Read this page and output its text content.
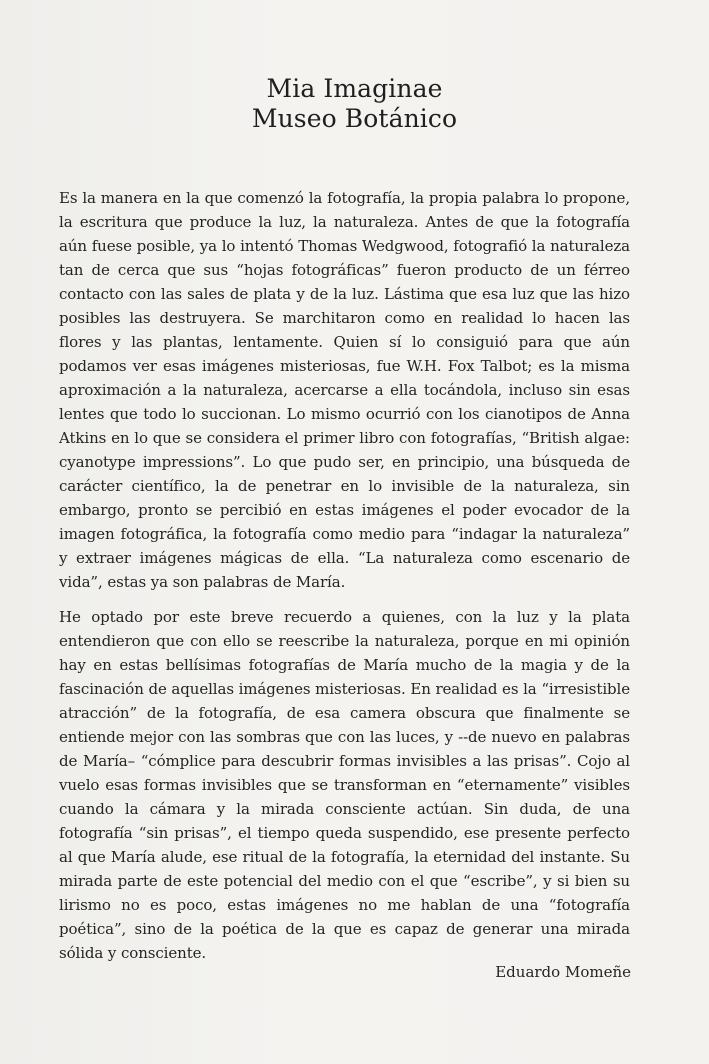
Mia Imaginae
Museo Botánico

Es la manera en la que comenzó la fotografía, la propia palabra lo propone, la escritura que produce la luz, la naturaleza. Antes de que la fotografía aún fuese posible, ya lo intentó Thomas Wedgwood, fotografió la naturaleza tan de cerca que sus “hojas fotográficas” fueron producto de un férreo contacto con las sales de plata y de la luz. Lástima que esa luz que las hizo posibles las destruyera. Se marchitaron como en realidad lo hacen las flores y las plantas, lentamente. Quien sí lo consiguió para que aún podamos ver esas imágenes misteriosas, fue W.H. Fox Talbot; es la misma aproximación a la naturaleza, acercarse a ella tocándola, incluso sin esas lentes que todo lo succionan. Lo mismo ocurrió con los cianotipos de Anna Atkins en lo que se considera el primer libro con fotografías, “British algae: cyanotype impressions”. Lo que pudo ser, en principio, una búsqueda de carácter científico, la de penetrar en lo invisible de la naturaleza, sin embargo, pronto se percibió en estas imágenes el poder evocador de la imagen fotográfica, la fotografía como medio para “indagar la naturaleza” y extraer imágenes mágicas de ella. “La naturaleza como escenario de vida”, estas ya son palabras de María.

He optado por este breve recuerdo a quienes, con la luz y la plata entendieron que con ello se reescribe la naturaleza, porque en mi opinión hay en estas bellísimas fotografías de María mucho de la magia y de la fascinación de aquellas imágenes misteriosas. En realidad es la “irresistible atracción” de la fotografía, de esa camera obscura que finalmente se entiende mejor con las sombras que con las luces, y --de nuevo en palabras de María– “cómplice para descubrir formas invisibles a las prisas”. Cojo al vuelo esas formas invisibles que se transforman en “eternamente” visibles cuando la cámara y la mirada consciente actúan. Sin duda, de una fotografía “sin prisas”, el tiempo queda suspendido, ese presente perfecto al que María alude, ese ritual de la fotografía, la eternidad del instante. Su mirada parte de este potencial del medio con el que “escribe”, y si bien su lirismo no es poco, estas imágenes no me hablan de una “fotografía poética”, sino de la poética de la que es capaz de generar una mirada sólida y consciente.

Eduardo Momeñe
